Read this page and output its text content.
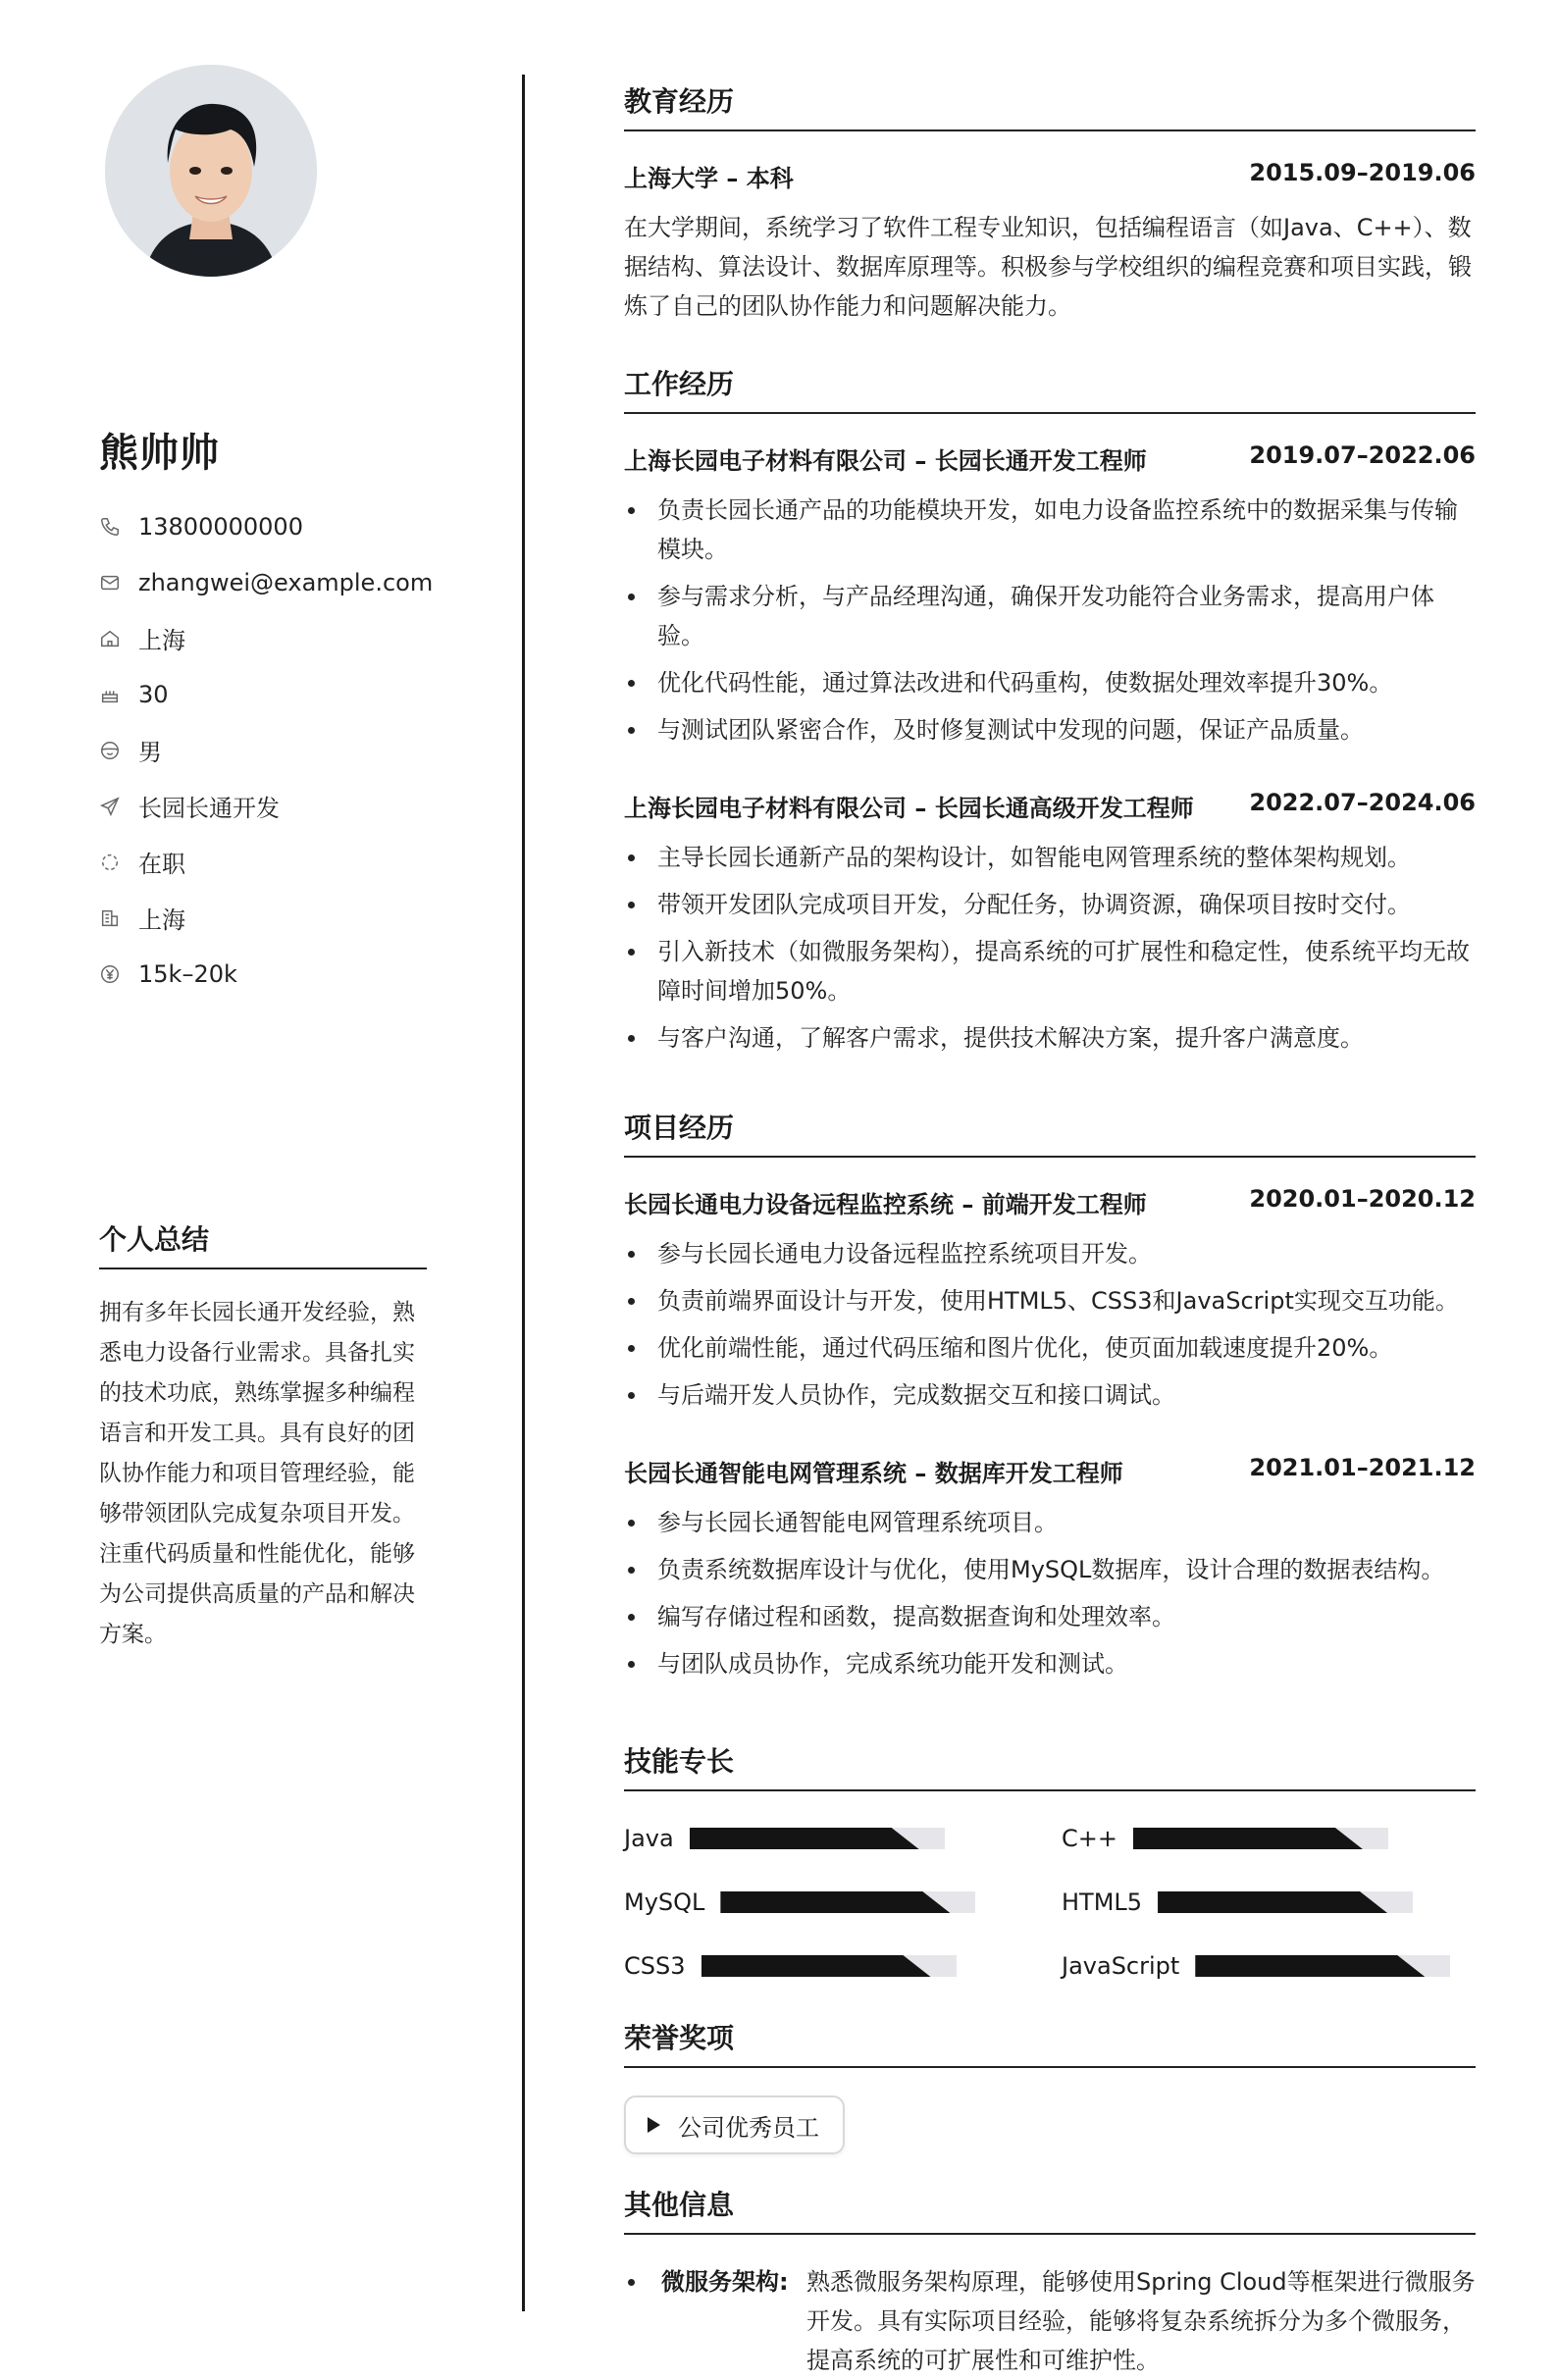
熊帅帅
13800000000
zhangwei@example.com
上海
30
男
长园长通开发
在职
上海
15k–20k
个人总结
拥有多年长园长通开发经验，熟悉电力设备行业需求。具备扎实的技术功底，熟练掌握多种编程语言和开发工具。具有良好的团队协作能力和项目管理经验，能够带领团队完成复杂项目开发。注重代码质量和性能优化，能够为公司提供高质量的产品和解决方案。
教育经历
上海大学 – 本科	2015.09–2019.06
在大学期间，系统学习了软件工程专业知识，包括编程语言（如Java、C++）、数据结构、算法设计、数据库原理等。积极参与学校组织的编程竞赛和项目实践，锻炼了自己的团队协作能力和问题解决能力。
工作经历
上海长园电子材料有限公司 – 长园长通开发工程师	2019.07–2022.06
负责长园长通产品的功能模块开发，如电力设备监控系统中的数据采集与传输模块。
参与需求分析，与产品经理沟通，确保开发功能符合业务需求，提高用户体验。
优化代码性能，通过算法改进和代码重构，使数据处理效率提升30%。
与测试团队紧密合作，及时修复测试中发现的问题，保证产品质量。
上海长园电子材料有限公司 – 长园长通高级开发工程师 2022.07–2024.06
主导长园长通新产品的架构设计，如智能电网管理系统的整体架构规划。
带领开发团队完成项目开发，分配任务，协调资源，确保项目按时交付。
引入新技术（如微服务架构），提高系统的可扩展性和稳定性，使系统平均无故障时间增加50%。
与客户沟通，了解客户需求，提供技术解决方案，提升客户满意度。
项目经历
长园长通电力设备远程监控系统 – 前端开发工程师	2020.01–2020.12
参与长园长通电力设备远程监控系统项目开发。
负责前端界面设计与开发，使用HTML5、CSS3和JavaScript实现交互功能。
优化前端性能，通过代码压缩和图片优化，使页面加载速度提升20%。
与后端开发人员协作，完成数据交互和接口调试。
长园长通智能电网管理系统 – 数据库开发工程师	2021.01–2021.12
参与长园长通智能电网管理系统项目。
负责系统数据库设计与优化，使用MySQL数据库，设计合理的数据表结构。
编写存储过程和函数，提高数据查询和处理效率。
与团队成员协作，完成系统功能开发和测试。
技能专长
Java	C++
MySQL	HTML5
CSS3	JavaScript
荣誉奖项
公司优秀员工
其他信息
微服务架构: 熟悉微服务架构原理，能够使用Spring Cloud等框架进行微服务开发。具有实际项目经验，能够将复杂系统拆分为多个微服务，提高系统的可扩展性和可维护性。
